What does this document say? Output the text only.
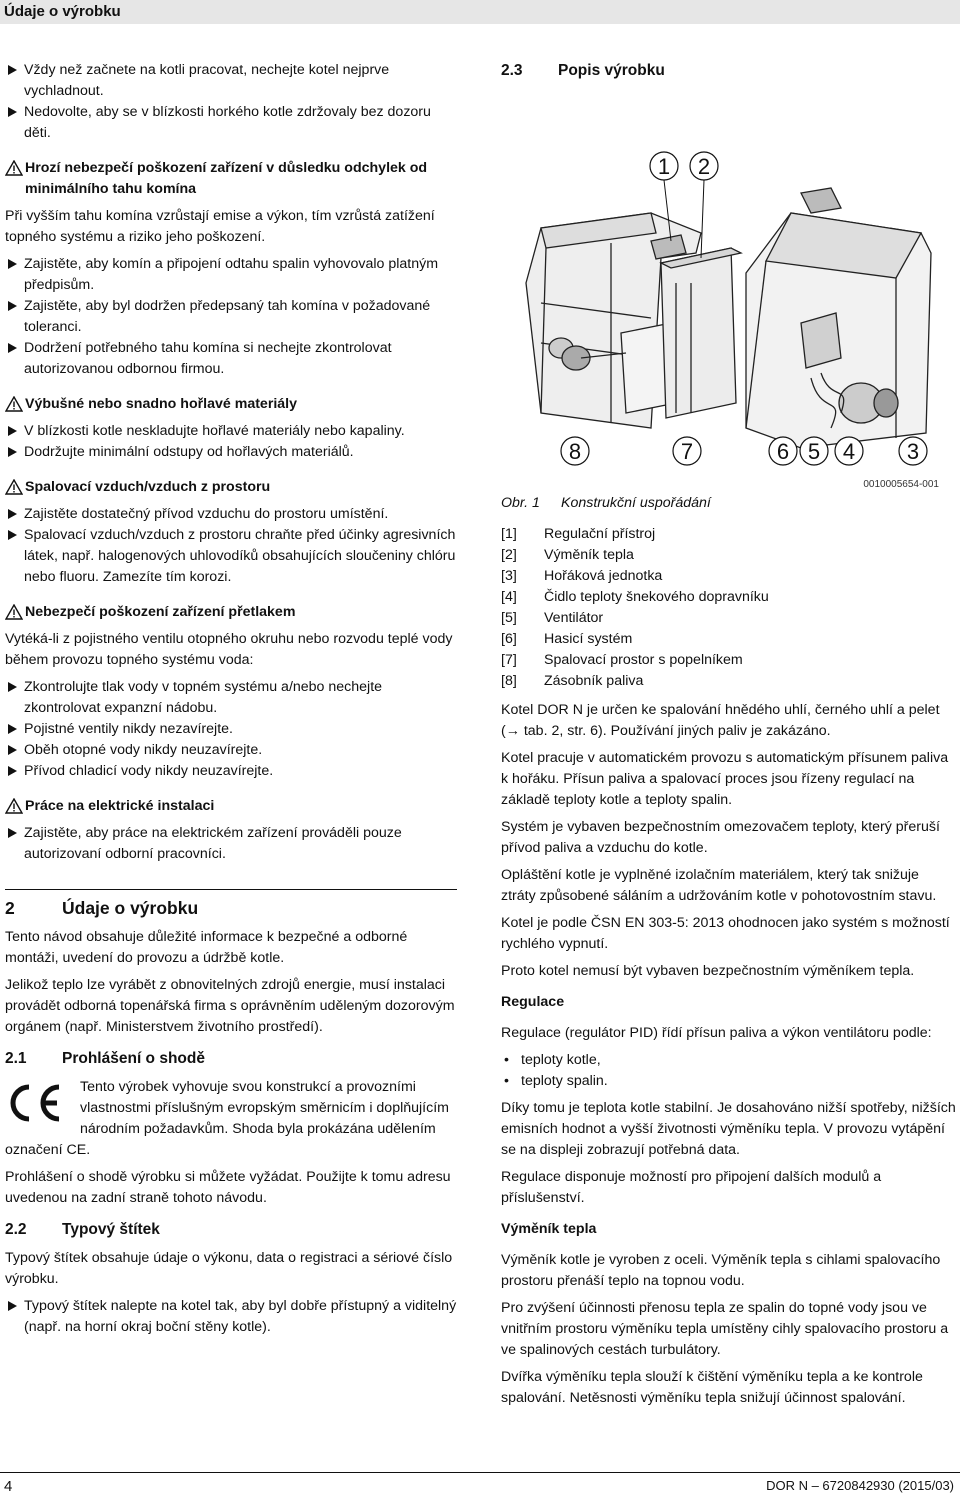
Údaje o výrobku

Vždy než začnete na kotli pracovat, nechejte kotel nejprve vychladnout.

Nedovolte, aby se v blízkosti horkého kotle zdržovaly bez dozoru děti.

Hrozí nebezpečí poškození zařízení v důsledku odchylek od minimálního tahu komína

Při vyšším tahu komína vzrůstají emise a výkon, tím vzrůstá zatížení topného systému a riziko jeho poškození.

Zajistěte, aby komín a připojení odtahu spalin vyhovovalo platným předpisům.

Zajistěte, aby byl dodržen předepsaný tah komína v požadované toleranci.

Dodržení potřebného tahu komína si nechejte zkontrolovat autorizovanou odbornou firmou.

Výbušné nebo snadno hořlavé materiály

V blízkosti kotle neskladujte hořlavé materiály nebo kapaliny.

Dodržujte minimální odstupy od hořlavých materiálů.

Spalovací vzduch/vzduch z prostoru

Zajistěte dostatečný přívod vzduchu do prostoru umístění.

Spalovací vzduch/vzduch z prostoru chraňte před účinky agresivních látek, např. halogenových uhlovodíků obsahujících sloučeniny chlóru nebo fluoru. Zamezíte tím korozi.

Nebezpečí poškození zařízení přetlakem

Vytéká-li z pojistného ventilu otopného okruhu nebo rozvodu teplé vody během provozu topného systému voda:

Zkontrolujte tlak vody v topném systému a/nebo nechejte zkontrolovat expanzní nádobu.

Pojistné ventily nikdy nezavírejte.

Oběh otopné vody nikdy neuzavírejte.

Přívod chladicí vody nikdy neuzavírejte.

Práce na elektrické instalaci

Zajistěte, aby práce na elektrickém zařízení prováděli pouze autorizovaní odborní pracovníci.

2	Údaje o výrobku

Tento návod obsahuje důležité informace k bezpečné a odborné montáži, uvedení do provozu a údržbě kotle.

Jelikož teplo lze vyrábět z obnovitelných zdrojů energie, musí instalaci provádět odborná topenářská firma s oprávněním uděleným dozorovým orgánem (např. Ministerstvem životního prostředí).

2.1	Prohlášení o shodě

Tento výrobek vyhovuje svou konstrukcí a provozními vlastnostmi příslušným evropským směrnicím i doplňujícím národním požadavkům. Shoda byla prokázána udělením

označení CE.

Prohlášení o shodě výrobku si můžete vyžádat. Použijte k tomu adresu uvedenou na zadní straně tohoto návodu.

2.2	Typový štítek

Typový štítek obsahuje údaje o výkonu, data o registraci a sériové číslo výrobku.

Typový štítek nalepte na kotel tak, aby byl dobře přístupný a viditelný (např. na horní okraj boční stěny kotle).

2.3	Popis výrobku

1 2
8	7	6 5 4 3
0010005654-001

Obr. 1	Konstrukční uspořádání

[1]	Regulační přístroj

[2]	Výměník tepla

[3]	Hořáková jednotka

[4]	Čidlo teploty šnekového dopravníku

[5]	Ventilátor

[6]	Hasicí systém

[7]	Spalovací prostor s popelníkem

[8]	Zásobník paliva

Kotel DOR N je určen ke spalování hnědého uhlí, černého uhlí a pelet (→ tab. 2, str. 6). Používání jiných paliv je zakázáno.

Kotel pracuje v automatickém provozu s automatickým přísunem paliva k hořáku. Přísun paliva a spalovací proces jsou řízeny regulací na základě teploty kotle a teploty spalin.

Systém je vybaven bezpečnostním omezovačem teploty, který přeruší přívod paliva a vzduchu do kotle.

Opláštění kotle je vyplněné izolačním materiálem, který tak snižuje ztráty způsobené sáláním a udržováním kotle v pohotovostním stavu.

Kotel je podle ČSN EN 303-5: 2013 ohodnocen jako systém s možností rychlého vypnutí.

Proto kotel nemusí být vybaven bezpečnostním výměníkem tepla.

Regulace

Regulace (regulátor PID) řídí přísun paliva a výkon ventilátoru podle:

• teploty kotle,

• teploty spalin.

Díky tomu je teplota kotle stabilní. Je dosahováno nižší spotřeby, nižších emisních hodnot a vyšší životnosti výměníku tepla. V provozu vytápění se na displeji zobrazují potřebná data.

Regulace disponuje možností pro připojení dalších modulů a příslušenství.

Výměník tepla

Výměník kotle je vyroben z oceli. Výměník tepla s cihlami spalovacího prostoru přenáší teplo na topnou vodu.

Pro zvýšení účinnosti přenosu tepla ze spalin do topné vody jsou ve vnitřním prostoru výměníku tepla umístěny cihly spalovacího prostoru a ve spalinových cestách turbulátory.

Dvířka výměníku tepla slouží k čištění výměníku tepla a ke kontrole spalování. Netěsnosti výměníku tepla snižují účinnost spalování.

4	DOR N – 6720842930 (2015/03)
